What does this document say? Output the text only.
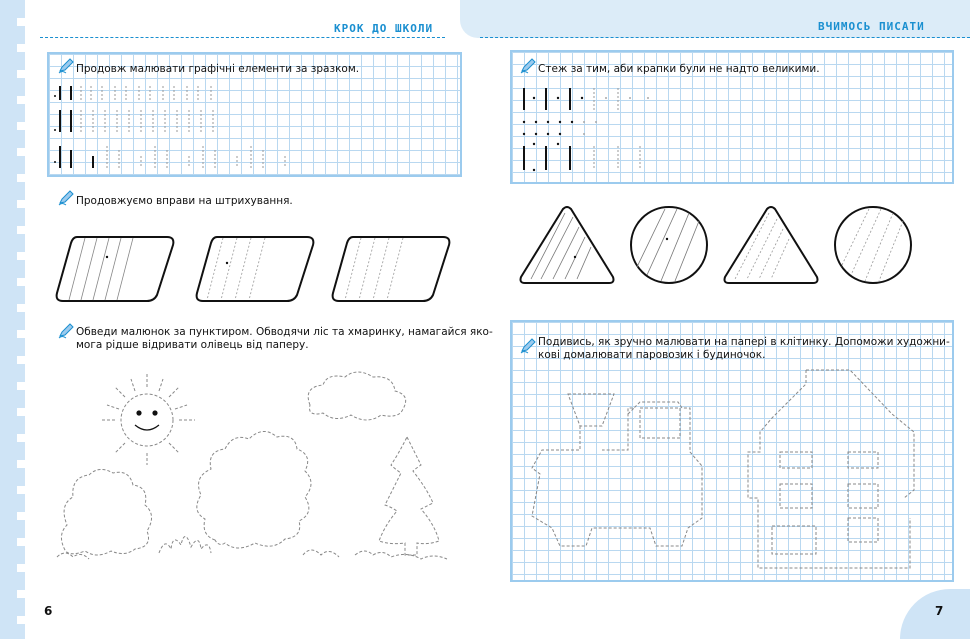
КРОК ДО ШКОЛИ	ВЧИМОСЬ ПИСАТИ
Продовж малювати графічні елементи за зразком.
Продовжуємо вправи на штрихування.
Обведи малюнок за пунктиром. Обводячи ліс та хмаринку, намагайся яко-
мога рідше відривати олівець від паперу.
6
Стеж за тим, аби крапки були не надто великими.
Подивись, як зручно малювати на папері в клітинку. Допоможи художни-
кові домалювати паровозик і будиночок.
7
